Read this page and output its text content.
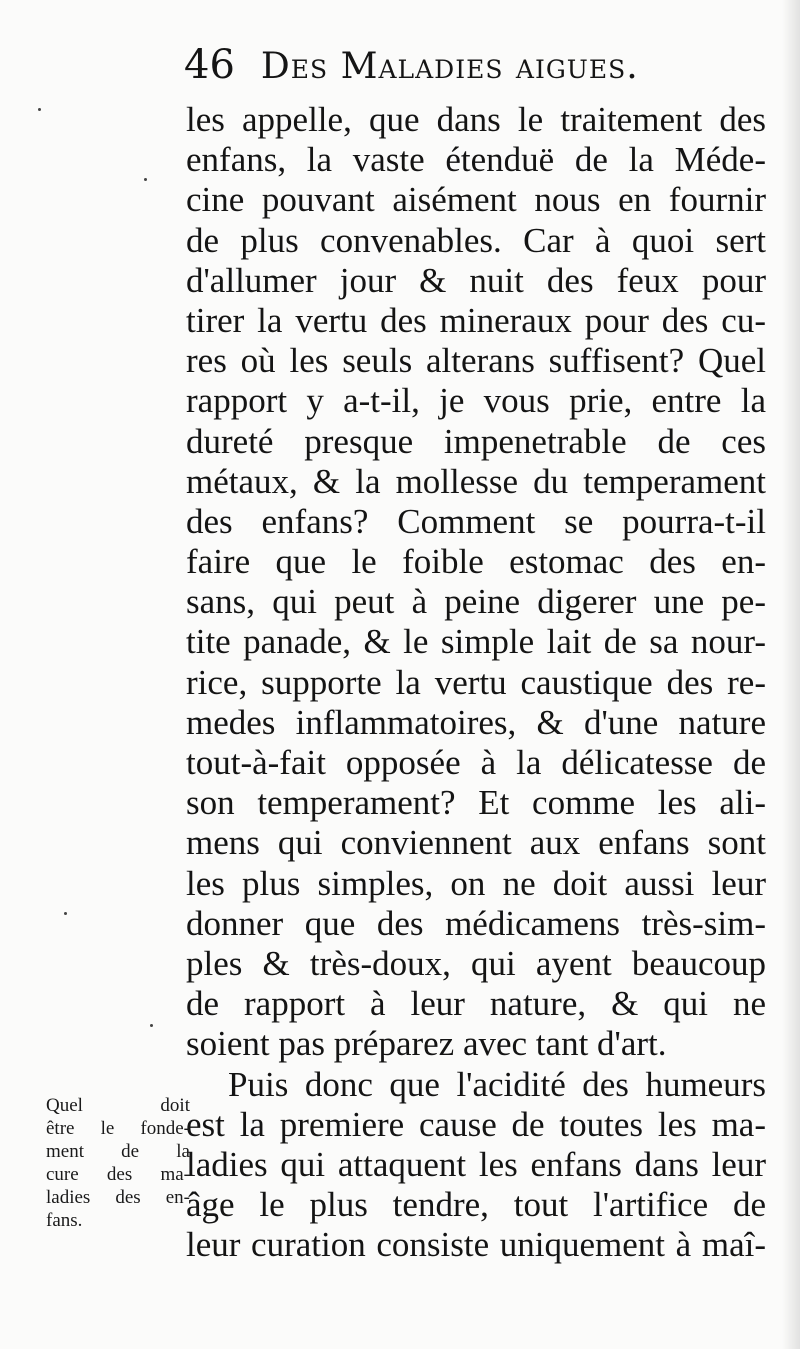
46 Des Maladies aigues.
les appelle, que dans le traitement des
enfans, la vaste étenduë de la Méde-
cine pouvant aisément nous en fournir
de plus convenables. Car à quoi sert
d'allumer jour & nuit des feux pour
tirer la vertu des mineraux pour des cu-
res où les seuls alterans suffisent? Quel
rapport y a-t-il, je vous prie, entre la
dureté presque impenetrable de ces
métaux, & la mollesse du temperament
des enfans? Comment se pourra-t-il
faire que le foible estomac des en-
sans, qui peut à peine digerer une pe-
tite panade, & le simple lait de sa nour-
rice, supporte la vertu caustique des re-
medes inflammatoires, & d'une nature
tout-à-fait opposée à la délicatesse de
son temperament? Et comme les ali-
mens qui conviennent aux enfans sont
les plus simples, on ne doit aussi leur
donner que des médicamens très-sim-
ples & très-doux, qui ayent beaucoup
de rapport à leur nature, & qui ne
soient pas préparez avec tant d'art.
Puis donc que l'acidité des humeurs
est la premiere cause de toutes les ma-
ladies qui attaquent les enfans dans leur
âge le plus tendre, tout l'artifice de
leur curation consiste uniquement à maî-
Quel doit
être le fonde-
ment de la
cure des ma-
ladies des en-
fans.
